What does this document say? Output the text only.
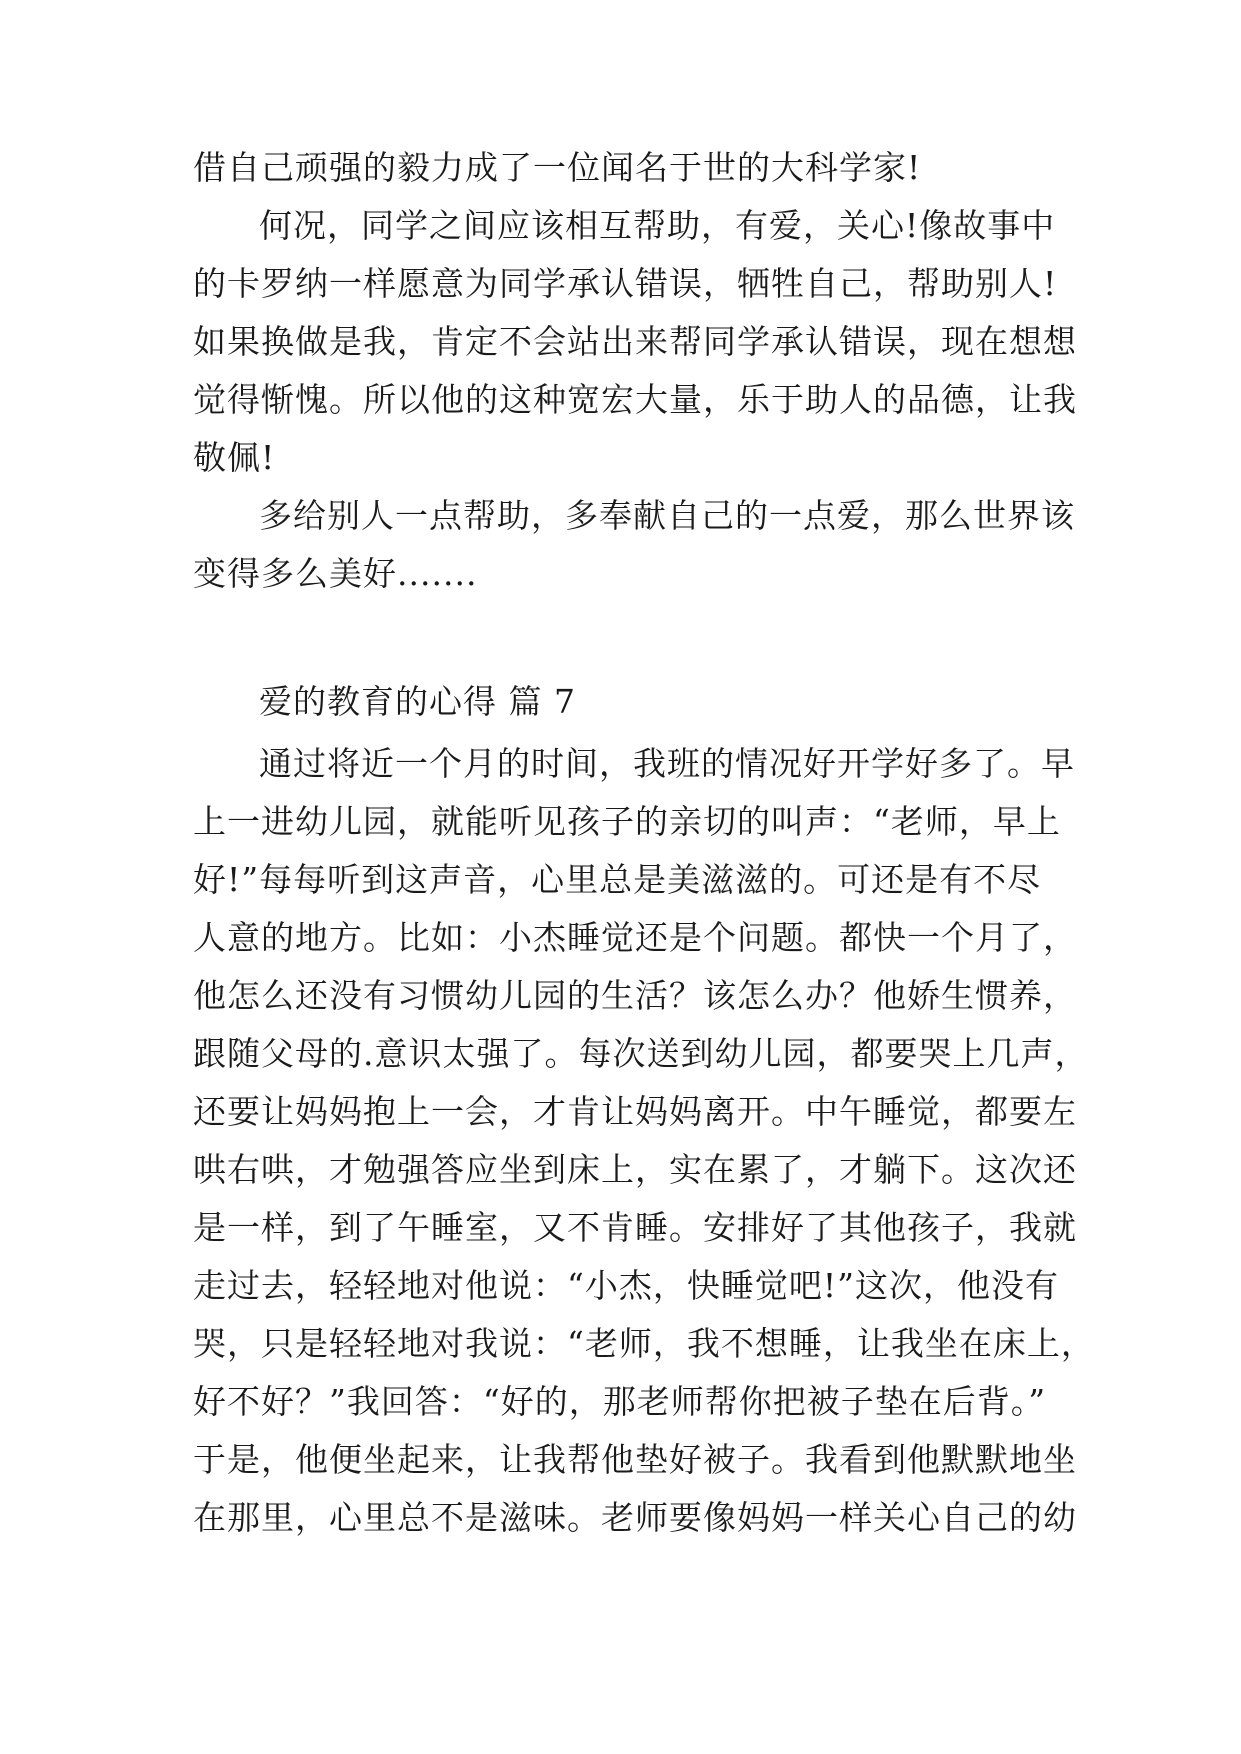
借自己顽强的毅力成了一位闻名于世的大科学家!
何况，同学之间应该相互帮助，有爱，关心!像故事中
的卡罗纳一样愿意为同学承认错误，牺牲自己，帮助别人!
如果换做是我，肯定不会站出来帮同学承认错误，现在想想
觉得惭愧。所以他的这种宽宏大量，乐于助人的品德，让我
敬佩!
多给别人一点帮助，多奉献自己的一点爱，那么世界该
变得多么美好.......
爱的教育的心得 篇 7
通过将近一个月的时间，我班的情况好开学好多了。早
上一进幼儿园，就能听见孩子的亲切的叫声：“老师，早上
好!”每每听到这声音，心里总是美滋滋的。可还是有不尽
人意的地方。比如：小杰睡觉还是个问题。都快一个月了，
他怎么还没有习惯幼儿园的生活？该怎么办？他娇生惯养，
跟随父母的.意识太强了。每次送到幼儿园，都要哭上几声，
还要让妈妈抱上一会，才肯让妈妈离开。中午睡觉，都要左
哄右哄，才勉强答应坐到床上，实在累了，才躺下。这次还
是一样，到了午睡室，又不肯睡。安排好了其他孩子，我就
走过去，轻轻地对他说：“小杰，快睡觉吧!”这次，他没有
哭，只是轻轻地对我说：“老师，我不想睡，让我坐在床上，
好不好？”我回答：“好的，那老师帮你把被子垫在后背。”
于是，他便坐起来，让我帮他垫好被子。我看到他默默地坐
在那里，心里总不是滋味。老师要像妈妈一样关心自己的幼
